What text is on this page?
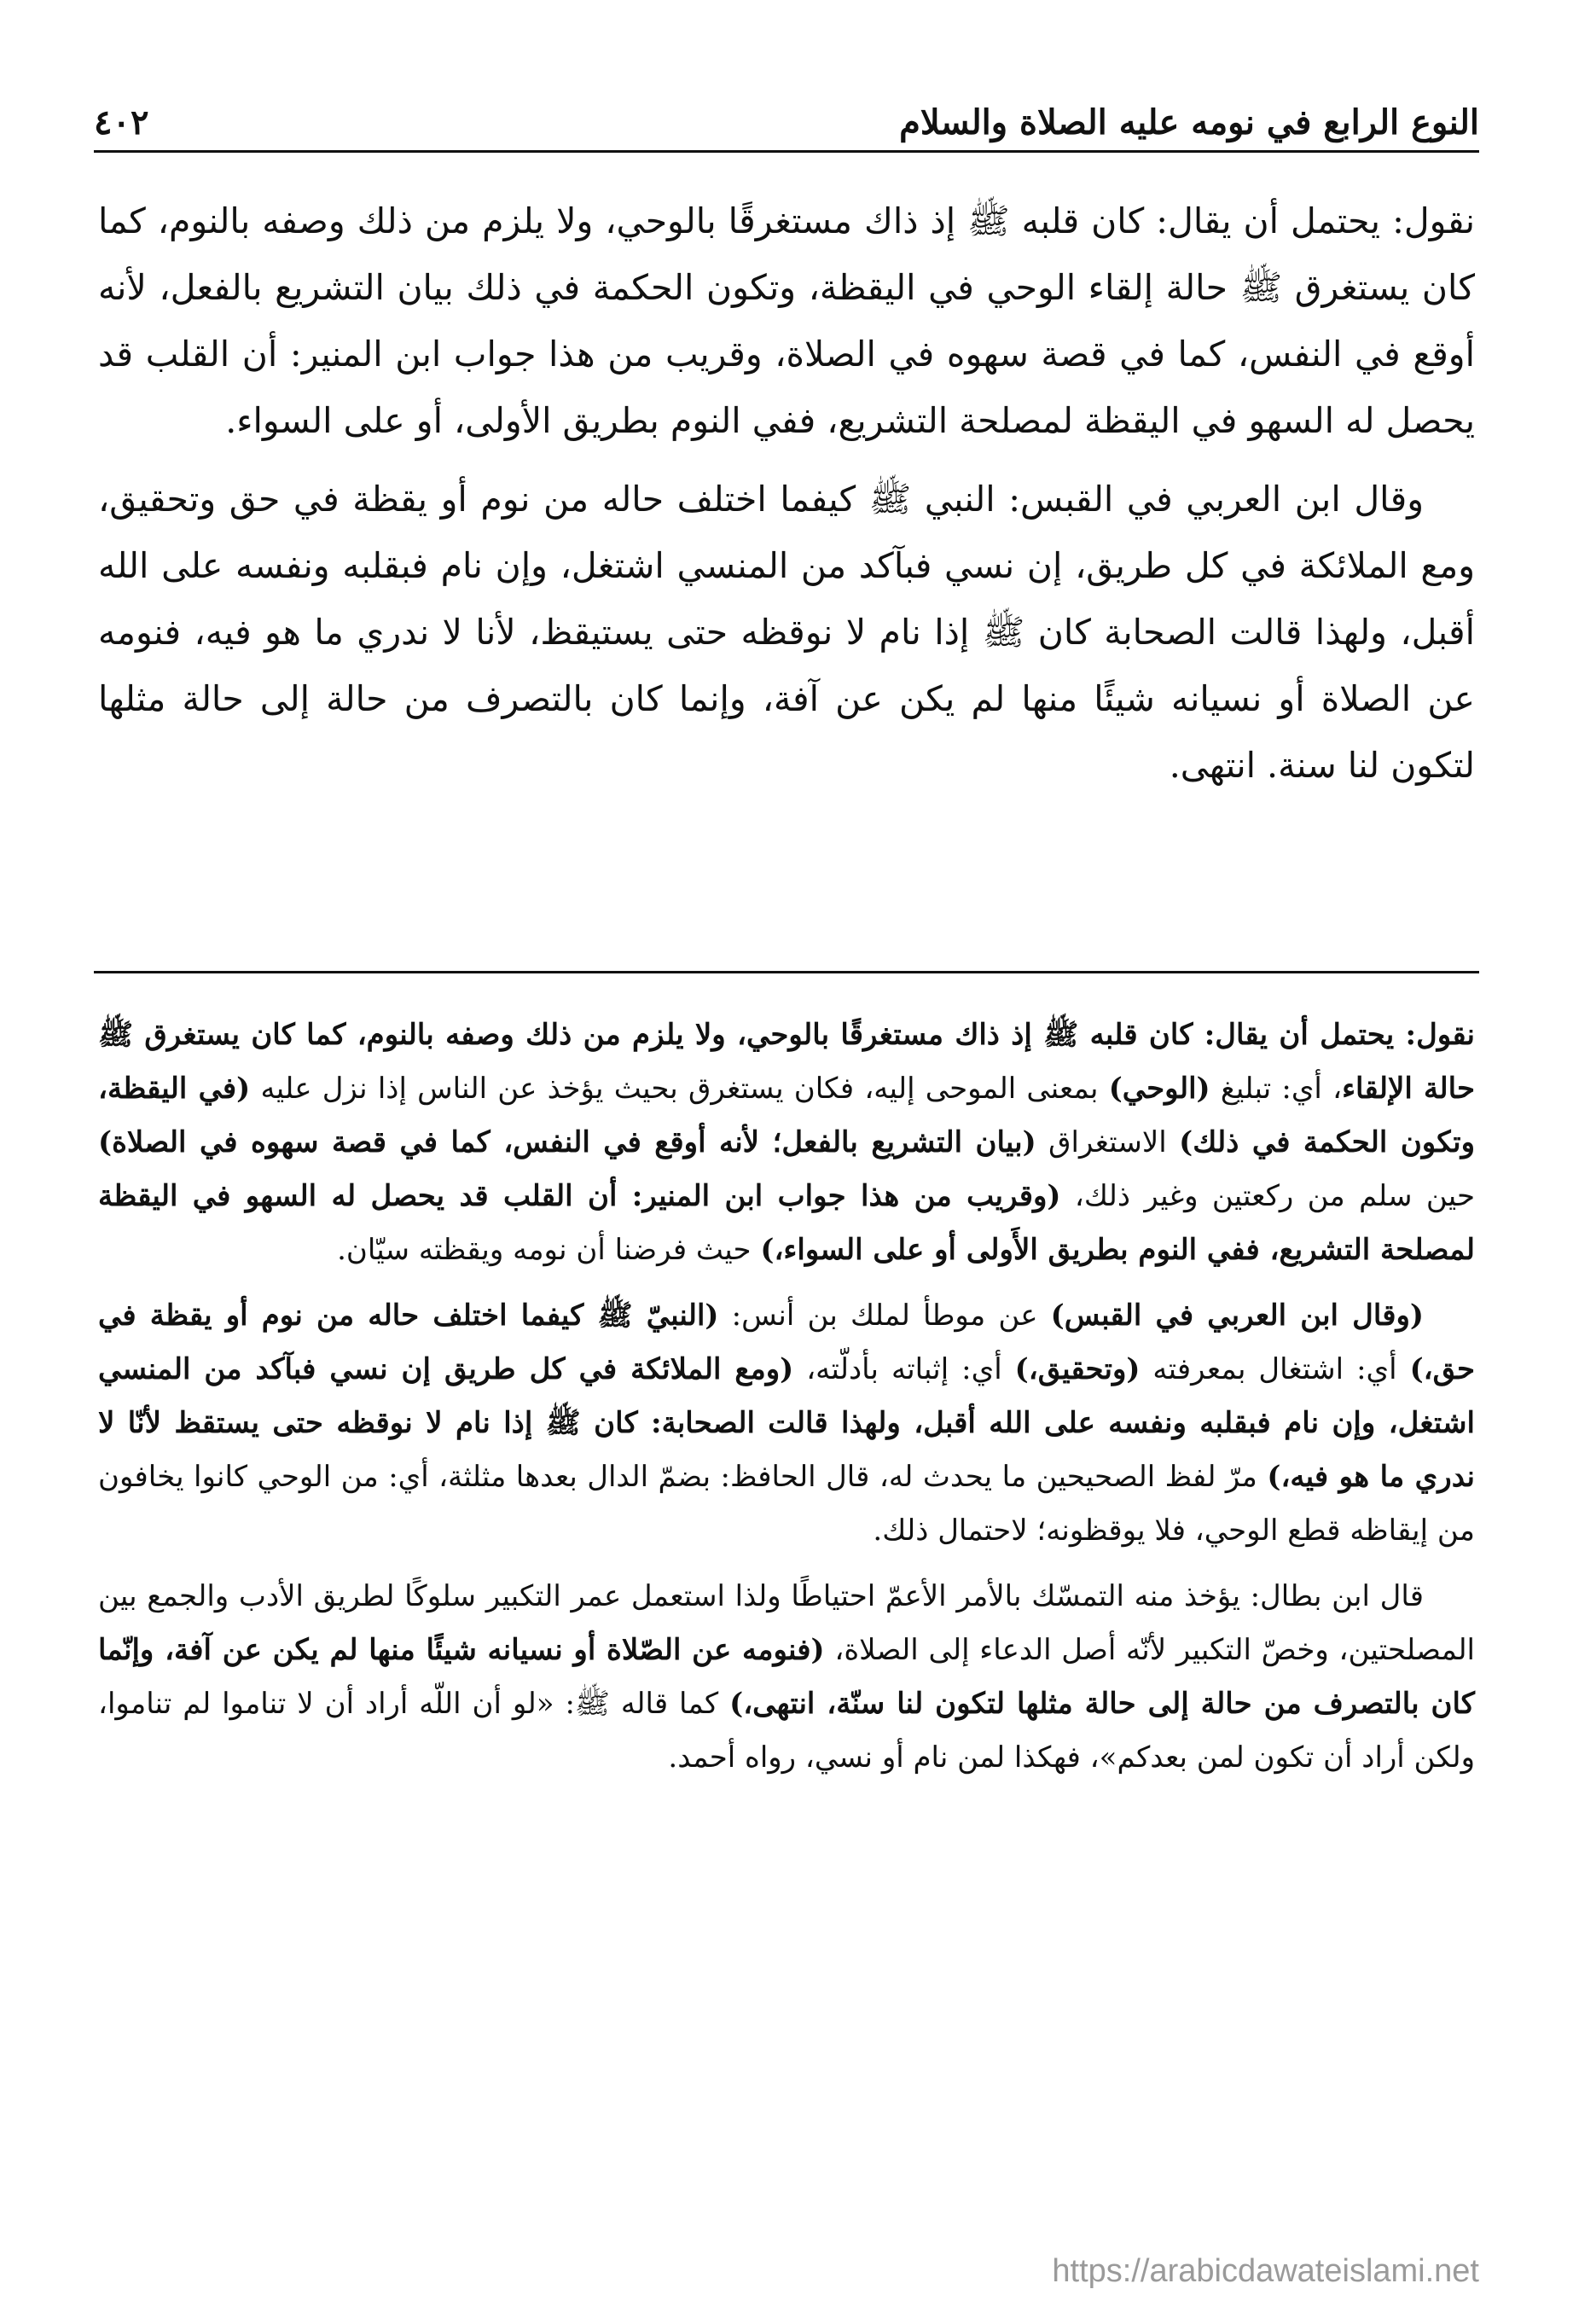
النوع الرابع في نومه عليه الصلاة والسلام
٤٠٢

نقول: يحتمل أن يقال: كان قلبه ﷺ إذ ذاك مستغرقًا بالوحي، ولا يلزم من ذلك وصفه بالنوم، كما كان يستغرق ﷺ حالة إلقاء الوحي في اليقظة، وتكون الحكمة في ذلك بيان التشريع بالفعل، لأنه أوقع في النفس، كما في قصة سهوه في الصلاة، وقريب من هذا جواب ابن المنير: أن القلب قد يحصل له السهو في اليقظة لمصلحة التشريع، ففي النوم بطريق الأولى، أو على السواء.

وقال ابن العربي في القبس: النبي ﷺ كيفما اختلف حاله من نوم أو يقظة في حق وتحقيق، ومع الملائكة في كل طريق، إن نسي فبآكد من المنسي اشتغل، وإن نام فبقلبه ونفسه على الله أقبل، ولهذا قالت الصحابة كان ﷺ إذا نام لا نوقظه حتى يستيقظ، لأنا لا ندري ما هو فيه، فنومه عن الصلاة أو نسيانه شيئًا منها لم يكن عن آفة، وإنما كان بالتصرف من حالة إلى حالة مثلها لتكون لنا سنة. انتهى.

نقول: يحتمل أن يقال: كان قلبه ﷺ إذ ذاك مستغرقًا بالوحي، ولا يلزم من ذلك وصفه بالنوم، كما كان يستغرق ﷺ حالة الإلقاء، أي: تبليغ (الوحي) بمعنى الموحى إليه، فكان يستغرق بحيث يؤخذ عن الناس إذا نزل عليه (في اليقظة، وتكون الحكمة في ذلك) الاستغراق (بيان التشريع بالفعل؛ لأنه أوقع في النفس، كما في قصة سهوه في الصلاة) حين سلم من ركعتين وغير ذلك، (وقريب من هذا جواب ابن المنير: أن القلب قد يحصل له السهو في اليقظة لمصلحة التشريع، ففي النوم بطريق الأَولى أو على السواء،) حيث فرضنا أن نومه ويقظته سيّان.

(وقال ابن العربي في القبس) عن موطأ لملك بن أنس: (النبيّ ﷺ كيفما اختلف حاله من نوم أو يقظة في حق،) أي: اشتغال بمعرفته (وتحقيق،) أي: إثباته بأدلّته، (ومع الملائكة في كل طريق إن نسي فبآكد من المنسي اشتغل، وإن نام فبقلبه ونفسه على الله أقبل، ولهذا قالت الصحابة: كان ﷺ إذا نام لا نوقظه حتى يستقظ لأنّا لا ندري ما هو فيه،) مرّ لفظ الصحيحين ما يحدث له، قال الحافظ: بضمّ الدال بعدها مثلثة، أي: من الوحي كانوا يخافون من إيقاظه قطع الوحي، فلا يوقظونه؛ لاحتمال ذلك.

قال ابن بطال: يؤخذ منه التمسّك بالأمر الأعمّ احتياطًا ولذا استعمل عمر التكبير سلوكًا لطريق الأدب والجمع بين المصلحتين، وخصّ التكبير لأنّه أصل الدعاء إلى الصلاة، (فنومه عن الصّلاة أو نسيانه شيئًا منها لم يكن عن آفة، وإنّما كان بالتصرف من حالة إلى حالة مثلها لتكون لنا سنّة، انتهى،) كما قاله ﷺ: «لو أن اللّه أراد أن لا تناموا لم تناموا، ولكن أراد أن تكون لمن بعدكم»، فهكذا لمن نام أو نسي، رواه أحمد.

https://arabicdawateislami.net
